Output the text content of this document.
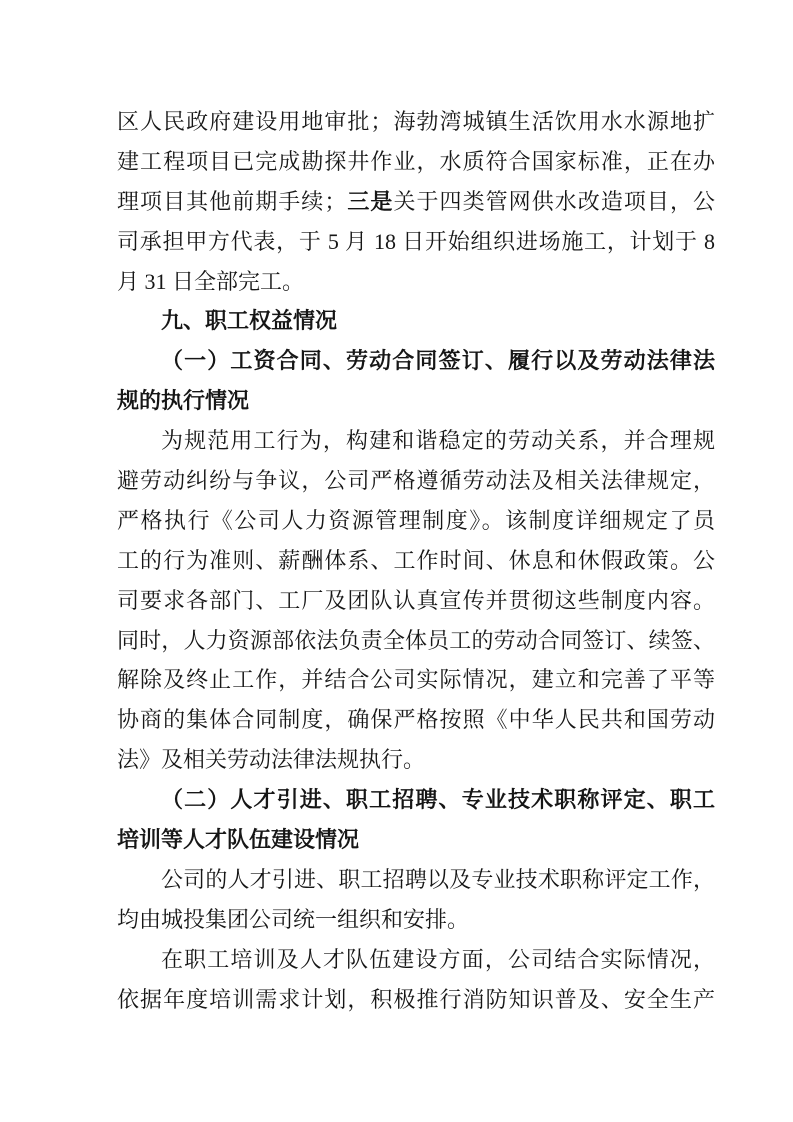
区人民政府建设用地审批；海勃湾城镇生活饮用水水源地扩
建工程项目已完成勘探井作业，水质符合国家标准，正在办
理项目其他前期手续；三是关于四类管网供水改造项目，公
司承担甲方代表，于 5 月 18 日开始组织进场施工，计划于 8
月 31 日全部完工。
九、职工权益情况
（一）工资合同、劳动合同签订、履行以及劳动法律法
规的执行情况
为规范用工行为，构建和谐稳定的劳动关系，并合理规
避劳动纠纷与争议，公司严格遵循劳动法及相关法律规定，
严格执行《公司人力资源管理制度》。该制度详细规定了员
工的行为准则、薪酬体系、工作时间、休息和休假政策。公
司要求各部门、工厂及团队认真宣传并贯彻这些制度内容。
同时，人力资源部依法负责全体员工的劳动合同签订、续签、
解除及终止工作，并结合公司实际情况，建立和完善了平等
协商的集体合同制度，确保严格按照《中华人民共和国劳动
法》及相关劳动法律法规执行。
（二）人才引进、职工招聘、专业技术职称评定、职工
培训等人才队伍建设情况
公司的人才引进、职工招聘以及专业技术职称评定工作，
均由城投集团公司统一组织和安排。
在职工培训及人才队伍建设方面，公司结合实际情况，
依据年度培训需求计划，积极推行消防知识普及、安全生产
